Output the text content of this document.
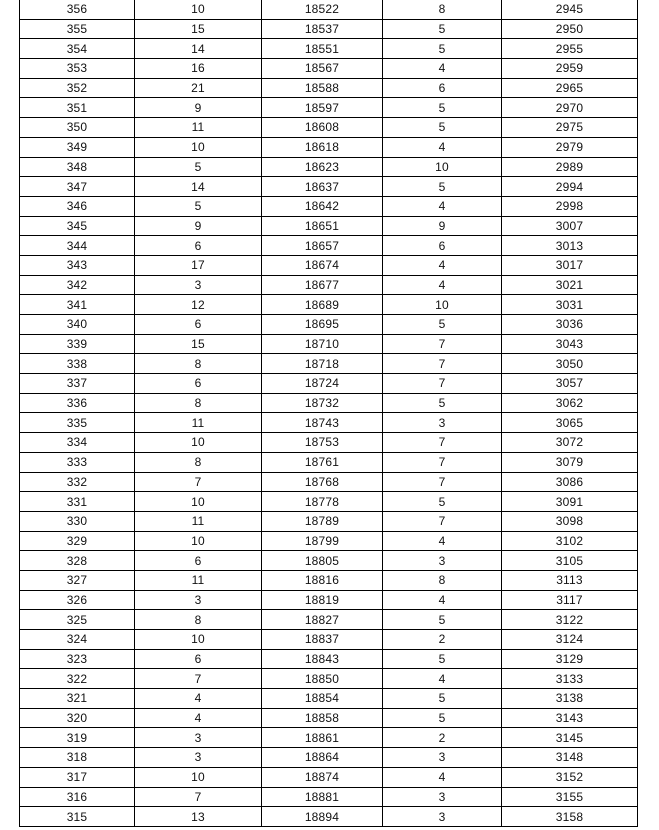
356	10	18522	8	2945
355	15	18537	5	2950
354	14	18551	5	2955
353	16	18567	4	2959
352	21	18588	6	2965
351	9	18597	5	2970
350	11	18608	5	2975
349	10	18618	4	2979
348	5	18623	10	2989
347	14	18637	5	2994
346	5	18642	4	2998
345	9	18651	9	3007
344	6	18657	6	3013
343	17	18674	4	3017
342	3	18677	4	3021
341	12	18689	10	3031
340	6	18695	5	3036
339	15	18710	7	3043
338	8	18718	7	3050
337	6	18724	7	3057
336	8	18732	5	3062
335	11	18743	3	3065
334	10	18753	7	3072
333	8	18761	7	3079
332	7	18768	7	3086
331	10	18778	5	3091
330	11	18789	7	3098
329	10	18799	4	3102
328	6	18805	3	3105
327	11	18816	8	3113
326	3	18819	4	3117
325	8	18827	5	3122
324	10	18837	2	3124
323	6	18843	5	3129
322	7	18850	4	3133
321	4	18854	5	3138
320	4	18858	5	3143
319	3	18861	2	3145
318	3	18864	3	3148
317	10	18874	4	3152
316	7	18881	3	3155
315	13	18894	3	3158
